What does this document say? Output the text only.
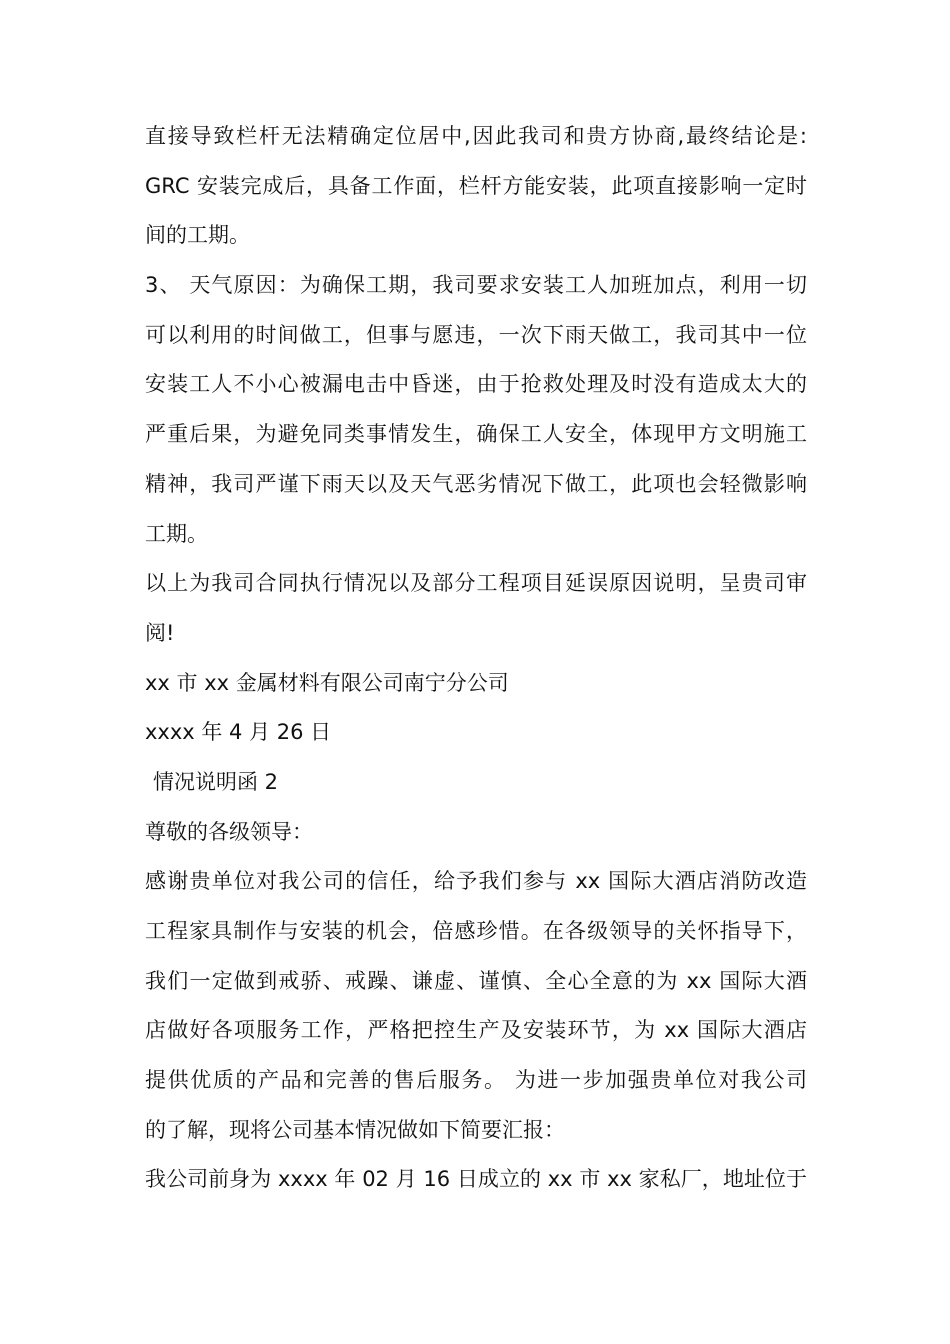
直接导致栏杆无法精确定位居中,因此我司和贵方协商,最终结论是:
GRC 安装完成后，具备工作面，栏杆方能安装，此项直接影响一定时
间的工期。
3、 天气原因：为确保工期，我司要求安装工人加班加点，利用一切
可以利用的时间做工，但事与愿违，一次下雨天做工，我司其中一位
安装工人不小心被漏电击中昏迷，由于抢救处理及时没有造成太大的
严重后果，为避免同类事情发生，确保工人安全，体现甲方文明施工
精神，我司严谨下雨天以及天气恶劣情况下做工，此项也会轻微影响
工期。
以上为我司合同执行情况以及部分工程项目延误原因说明，呈贵司审
阅!
xx 市 xx 金属材料有限公司南宁分公司
xxxx 年 4 月 26 日
情况说明函 2
尊敬的各级领导：
感谢贵单位对我公司的信任，给予我们参与 xx 国际大酒店消防改造
工程家具制作与安装的机会，倍感珍惜。在各级领导的关怀指导下，
我们一定做到戒骄、戒躁、谦虚、谨慎、全心全意的为 xx 国际大酒
店做好各项服务工作，严格把控生产及安装环节，为 xx 国际大酒店
提供优质的产品和完善的售后服务。 为进一步加强贵单位对我公司
的了解，现将公司基本情况做如下简要汇报：
我公司前身为 xxxx 年 02 月 16 日成立的 xx 市 xx 家私厂，地址位于
